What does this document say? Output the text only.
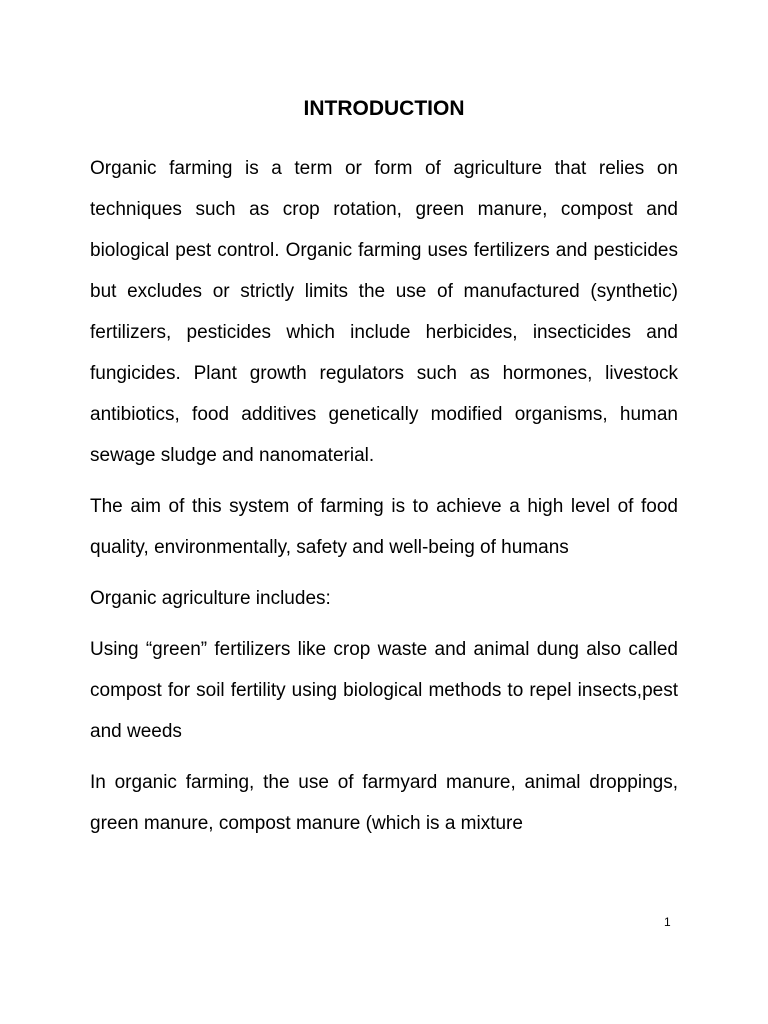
INTRODUCTION

Organic farming is a term or form of agriculture that relies on techniques such as crop rotation, green manure, compost and biological pest control. Organic farming uses fertilizers and pesticides but excludes or strictly limits the use of manufactured (synthetic) fertilizers, pesticides which include herbicides, insecticides and fungicides. Plant growth regulators such as hormones, livestock antibiotics, food additives genetically modified organisms, human sewage sludge and nanomaterial.

The aim of this system of farming is to achieve a high level of food quality, environmentally, safety and well-being of humans

Organic agriculture includes:

Using “green” fertilizers like crop waste and animal dung also called compost for soil fertility using biological methods to repel insects,pest and weeds

In organic farming, the use of farmyard manure, animal droppings, green manure, compost manure (which is a mixture

1
